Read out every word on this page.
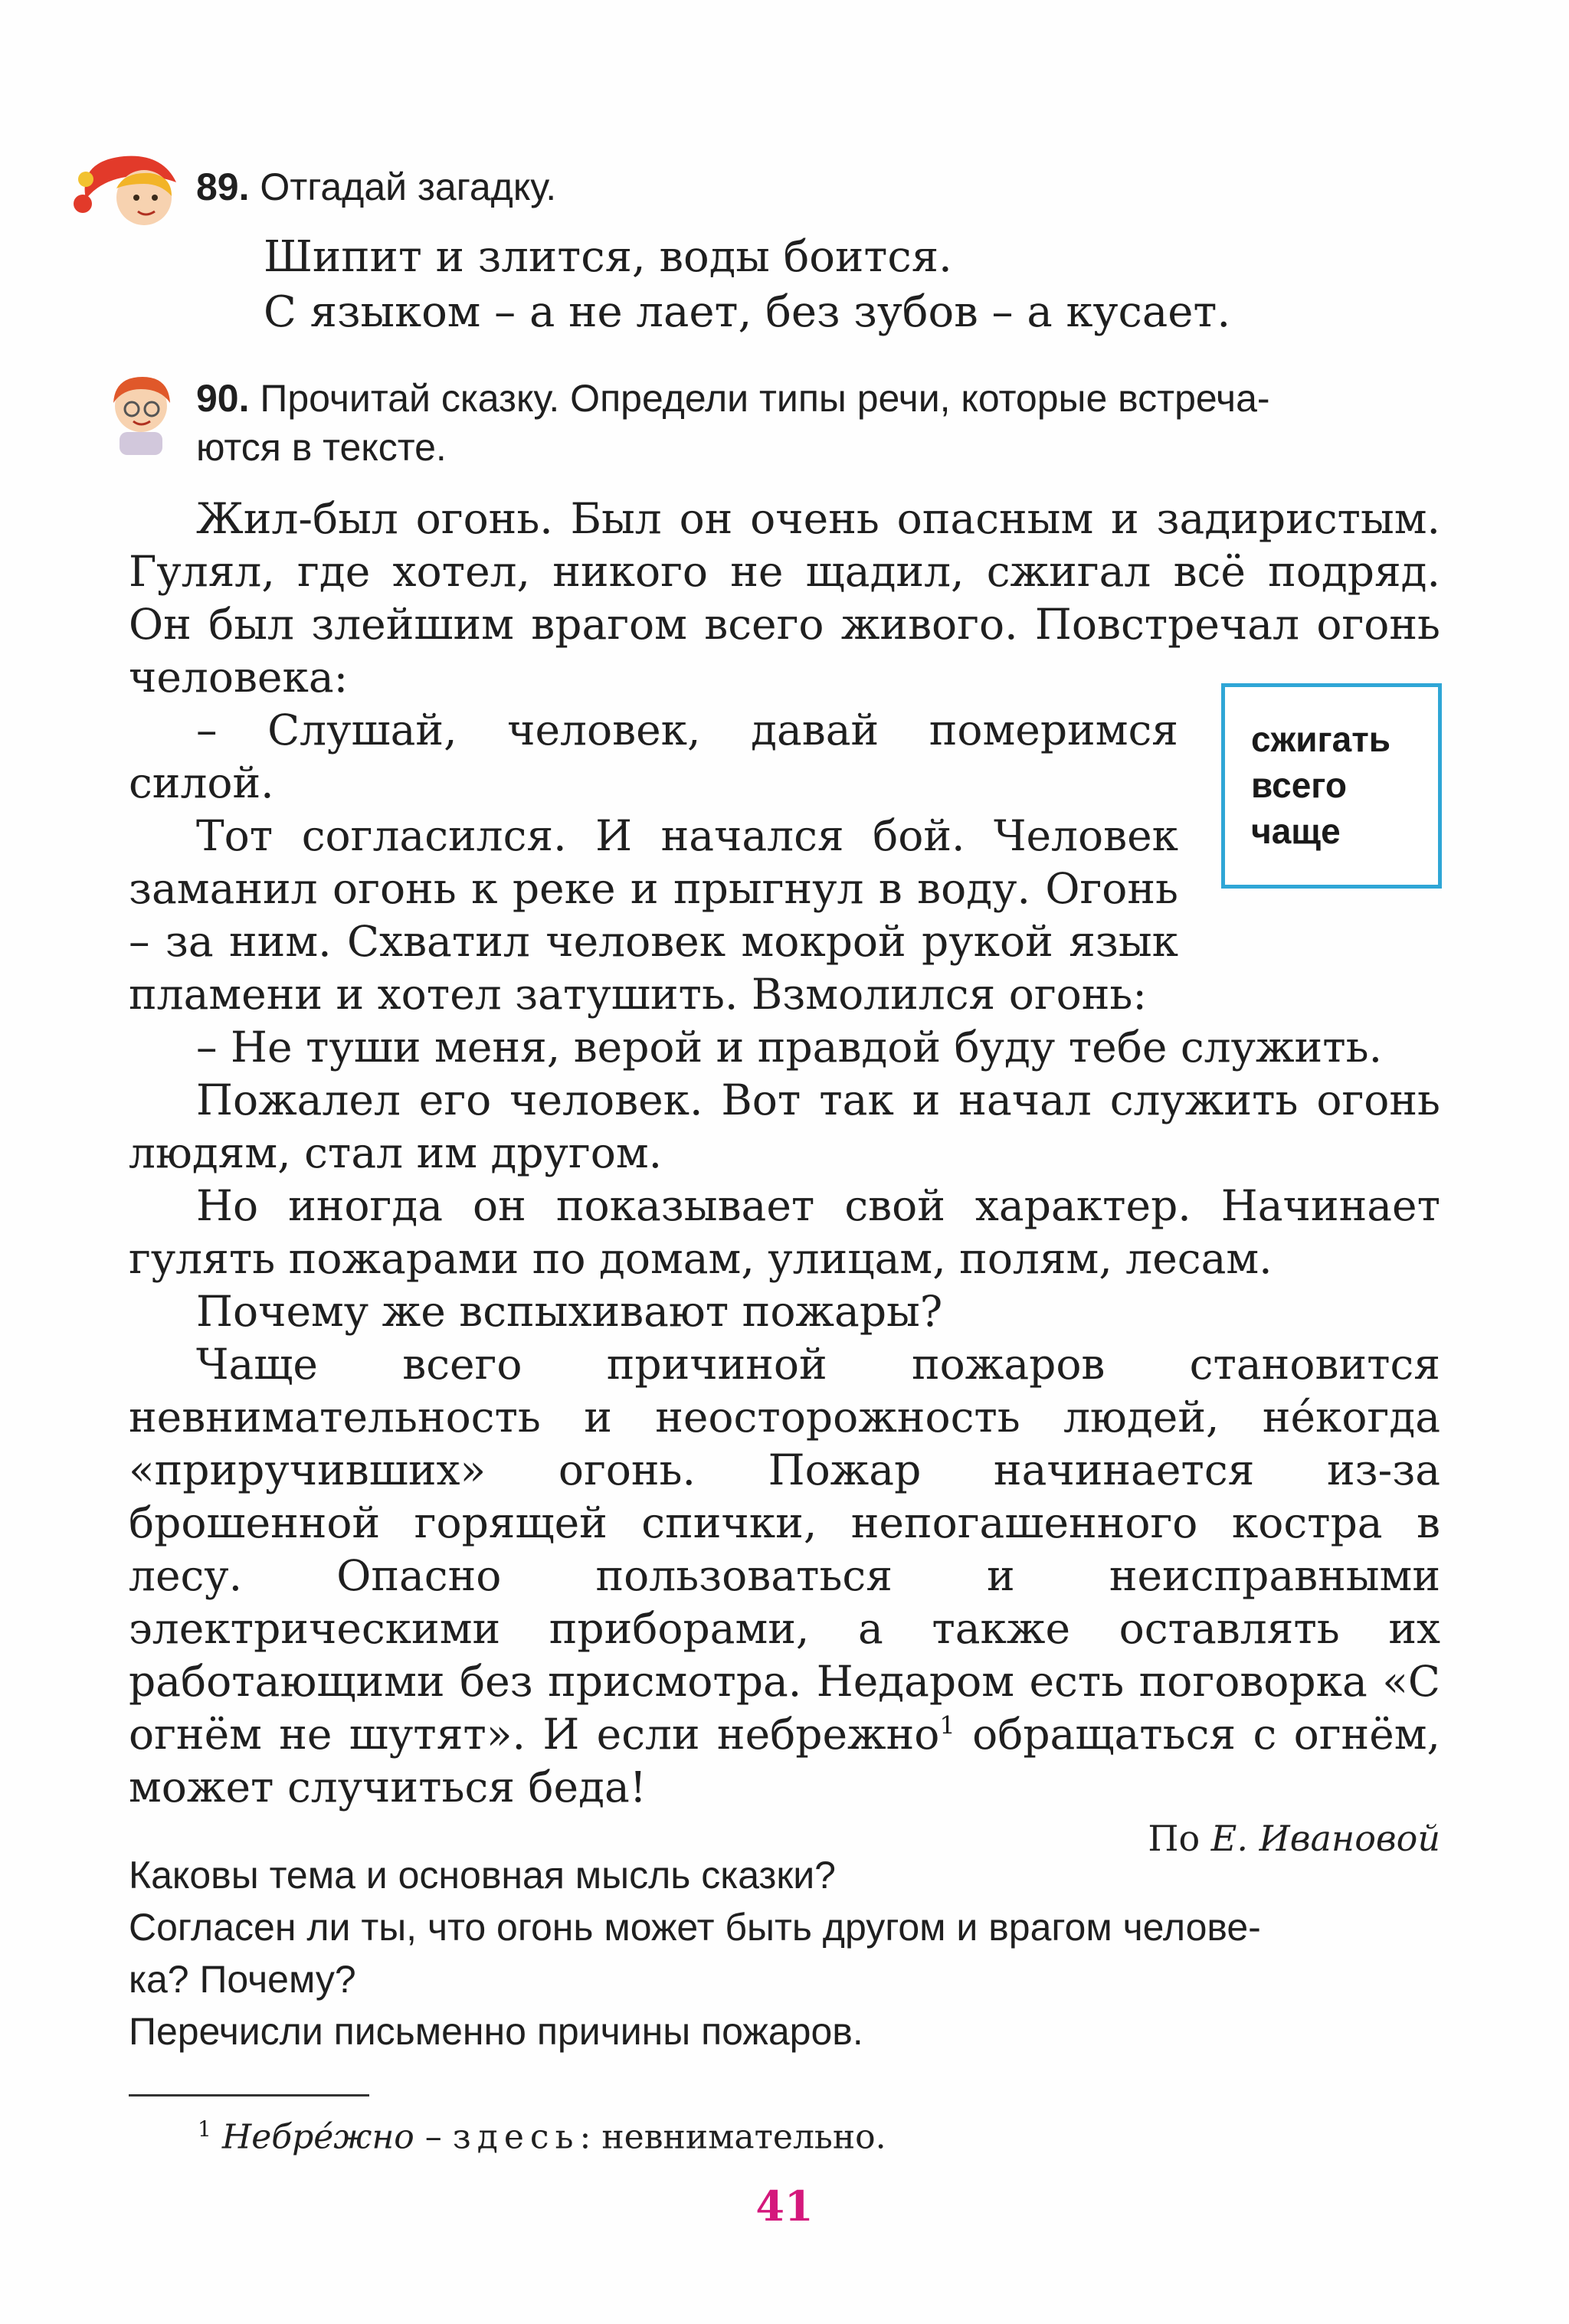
89. Отгадай загадку.
Шипит и злится, воды боится.
С языком – а не лает, без зубов – а кусает.
90. Прочитай сказку. Определи типы речи, которые встреча-
ются в тексте.

Жил-был огонь. Был он очень опасным и задиристым. Гулял, где хотел, никого не щадил, сжигал всё подряд. Он был злейшим врагом всего живого. Повстречал огонь человека:

– Слушай, человек, давай померимся силой.

Тот согласился. И начался бой. Человек заманил огонь к реке и прыгнул в воду. Огонь – за ним. Схватил человек мокрой рукой язык пламени и хотел затушить. Взмолился огонь:

– Не туши меня, верой и правдой буду тебе служить.

Пожалел его человек. Вот так и начал служить огонь людям, стал им другом.

Но иногда он показывает свой характер. Начинает гулять пожарами по домам, улицам, полям, лесам.

Почему же вспыхивают пожары?

Чаще всего причиной пожаров становится невнимательность и неосторожность людей, не́когда «приручивших» огонь. Пожар начинается из-за брошенной горящей спички, непогашенного костра в лесу. Опасно пользоваться и неисправными электрическими приборами, а также оставлять их работающими без присмотра. Недаром есть поговорка «С огнём не шутят». И если небрежно$^1$ обращаться с огнём, может случиться беда!

По Е. Ивановой

сжигать
всего
чаще
Каковы тема и основная мысль сказки?
Согласен ли ты, что огонь может быть другом и врагом челове-
ка? Почему?
Перечисли письменно причины пожаров.
$^1$ Небре́жно – здесь: невнимательно.
41
